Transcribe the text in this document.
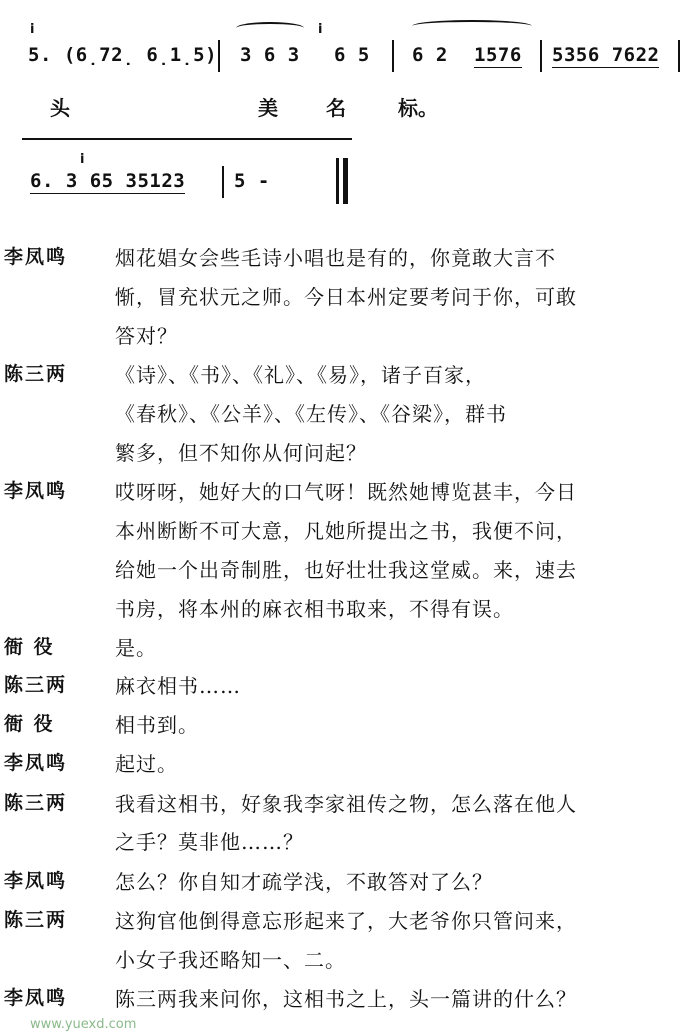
i
5. (6̣72̣ 6̣1̣5) 3 6 3
i
6 5 6 2 1576 5356 7622
头	美 名	标。
i
6. 3 65 35123	5 -
李凤鸣 烟花娼女会些毛诗小唱也是有的，你竟敢大言不
惭，冒充状元之师。今日本州定要考问于你，可敢
答对？
陈三两 《诗》、《书》、《礼》、《易》，诸子百家，
《春秋》、《公羊》、《左传》、《谷梁》，群书
繁多，但不知你从何问起？
李凤鸣 哎呀呀，她好大的口气呀！既然她博览甚丰，今日
本州断断不可大意，凡她所提出之书，我便不问，
给她一个出奇制胜，也好壮壮我这堂威。来，速去
书房，将本州的麻衣相书取来，不得有误。
衙 役	是。
陈三两 麻衣相书……
衙 役	相书到。
李凤鸣 起过。
陈三两 我看这相书，好象我李家祖传之物，怎么落在他人
之手？莫非他……？
李凤鸣 怎么？你自知才疏学浅，不敢答对了么？
陈三两 这狗官他倒得意忘形起来了，大老爷你只管问来，
小女子我还略知一、二。
李凤鸣 陈三两我来问你，这相书之上，头一篇讲的什么？
www.yuexd.com
